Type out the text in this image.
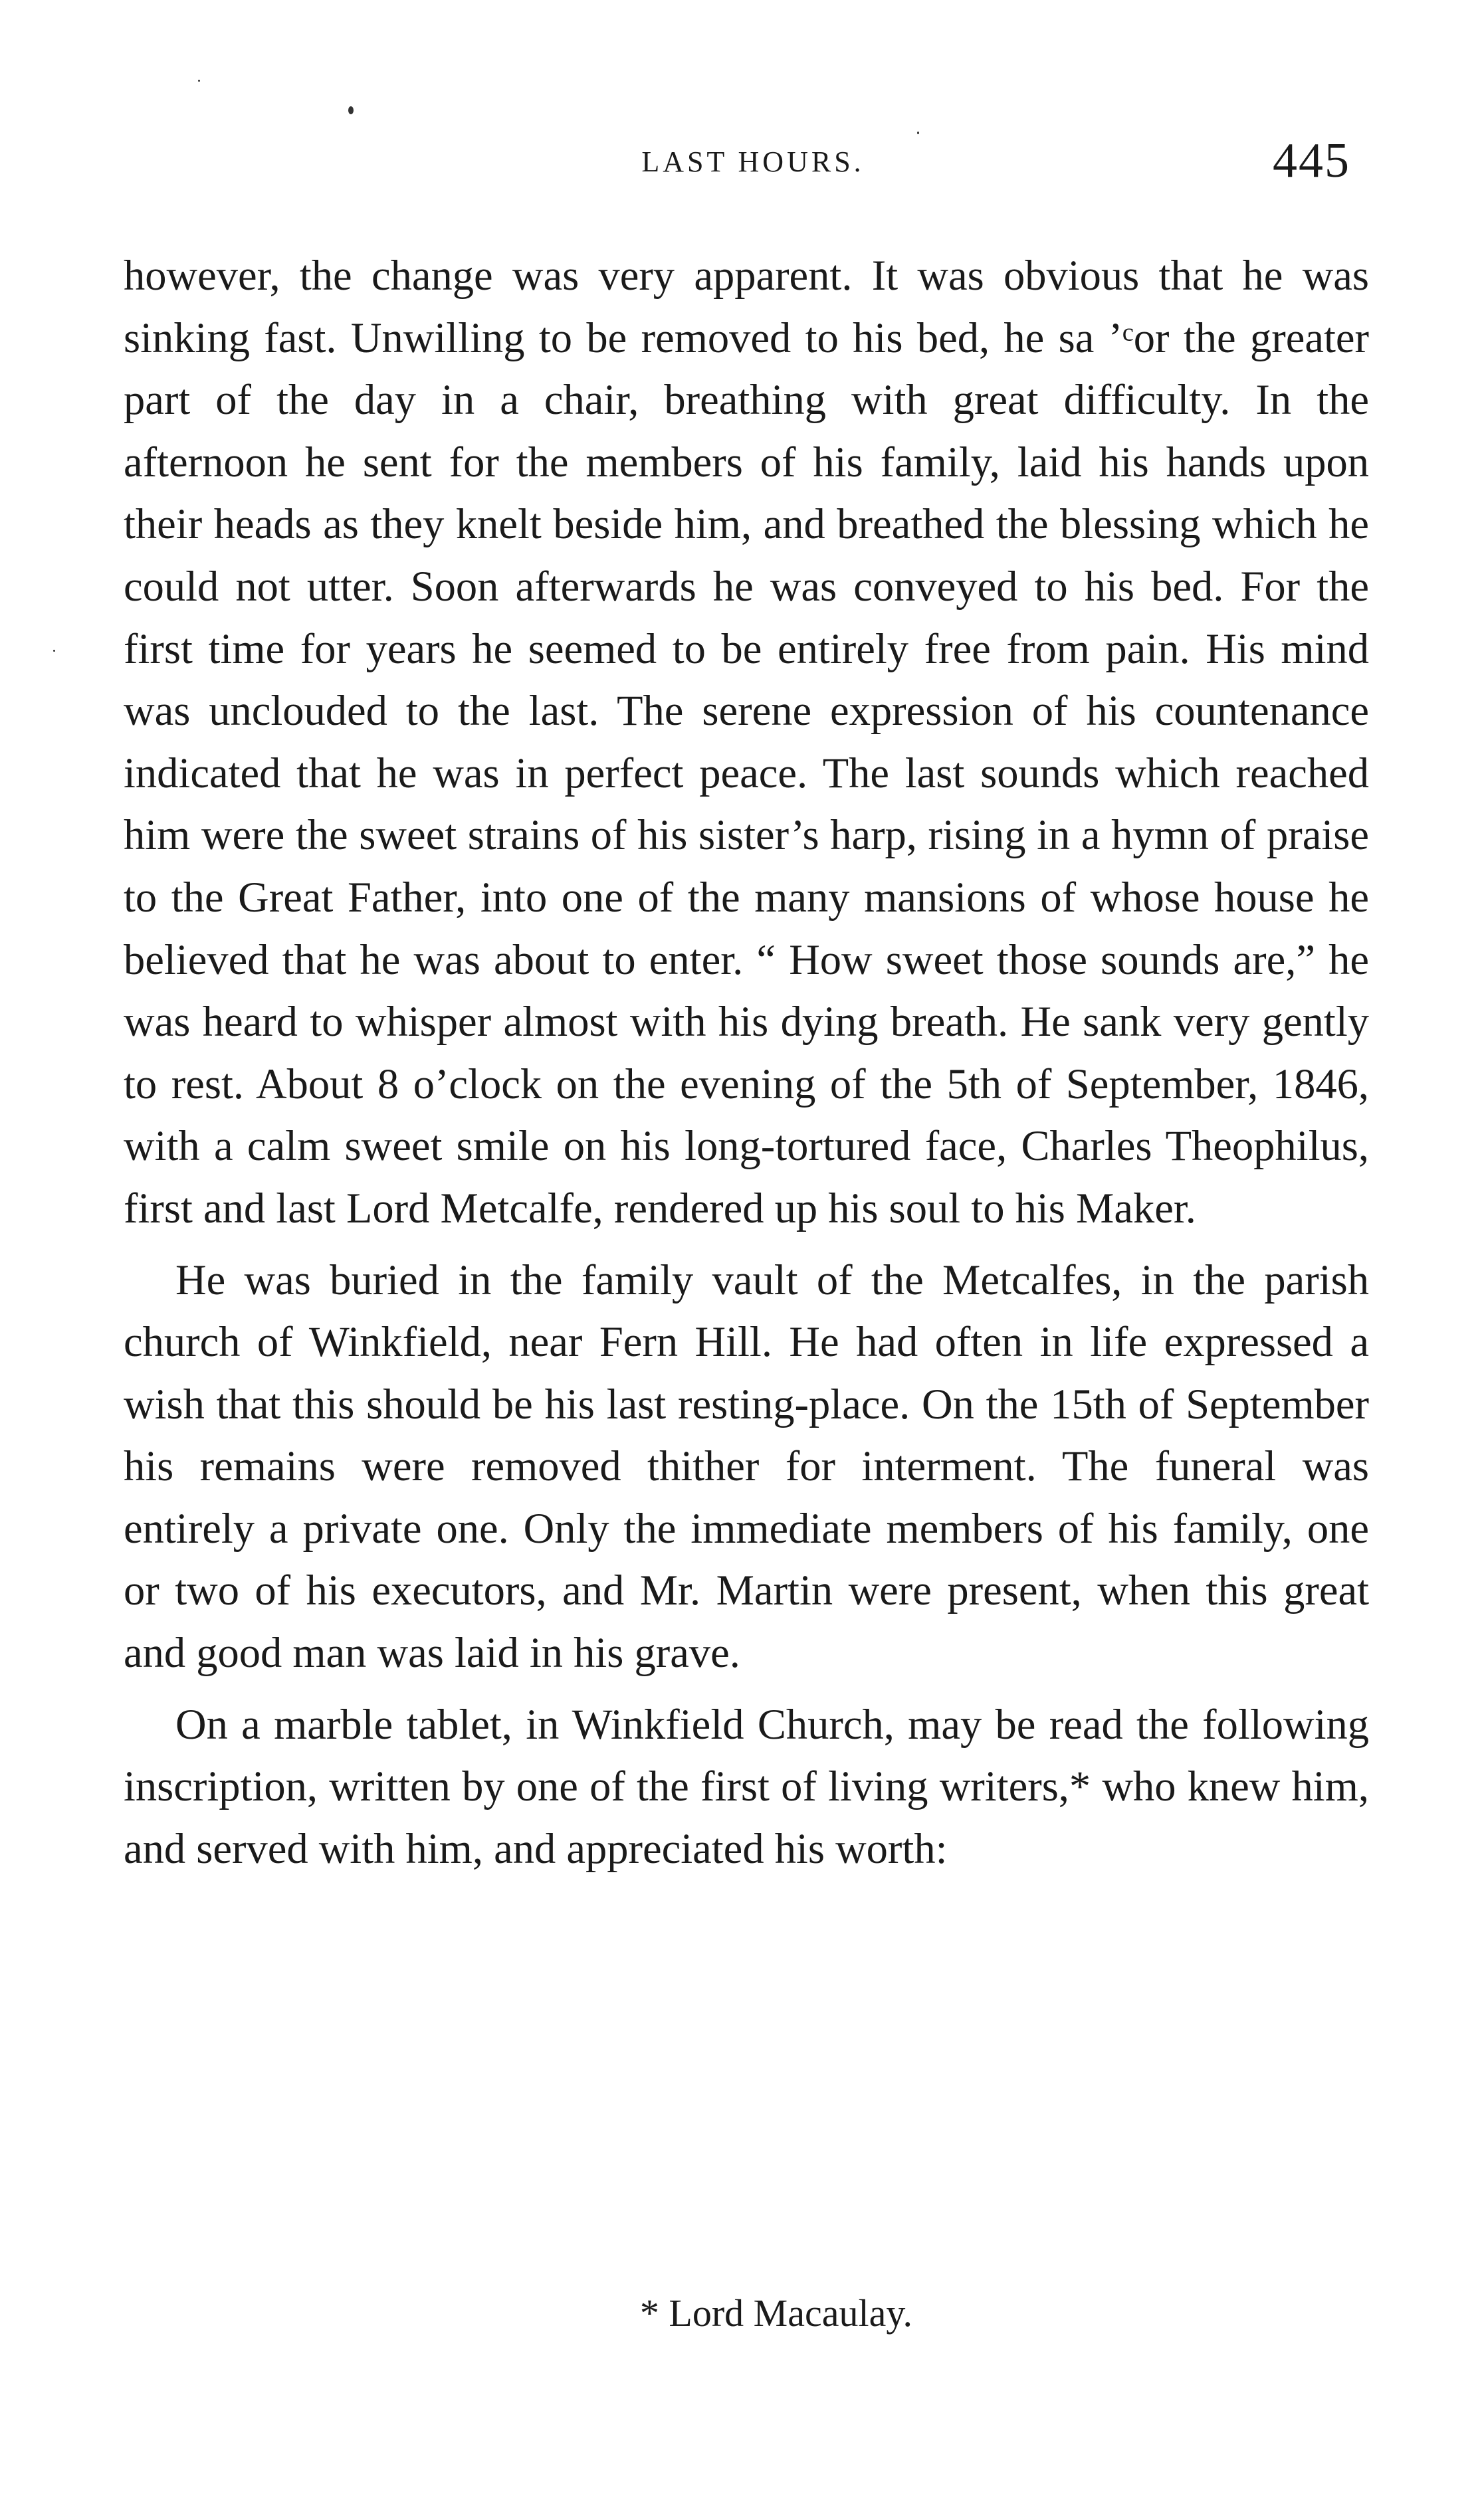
LAST HOURS.	445

however, the change was very apparent. It was obvious that he was sinking fast. Unwilling to be removed to his bed, he sa ʼᶜor the greater part of the day in a chair, breathing with great difficulty. In the afternoon he sent for the members of his family, laid his hands upon their heads as they knelt beside him, and breathed the blessing which he could not utter. Soon afterwards he was conveyed to his bed. For the first time for years he seemed to be entirely free from pain. His mind was unclouded to the last. The serene expression of his countenance indicated that he was in perfect peace. The last sounds which reached him were the sweet strains of his sister’s harp, rising in a hymn of praise to the Great Father, into one of the many mansions of whose house he believed that he was about to enter. “ How sweet those sounds are,” he was heard to whisper almost with his dying breath. He sank very gently to rest. About 8 o’clock on the evening of the 5th of September, 1846, with a calm sweet smile on his long-tortured face, Charles Theophilus, first and last Lord Metcalfe, rendered up his soul to his Maker.

He was buried in the family vault of the Metcalfes, in the parish church of Winkfield, near Fern Hill. He had often in life expressed a wish that this should be his last resting-place. On the 15th of September his remains were removed thither for interment. The funeral was entirely a private one. Only the immediate members of his family, one or two of his executors, and Mr. Martin were present, when this great and good man was laid in his grave.

On a marble tablet, in Winkfield Church, may be read the following inscription, written by one of the first of living writers,* who knew him, and served with him, and appreciated his worth:

* Lord Macaulay.
